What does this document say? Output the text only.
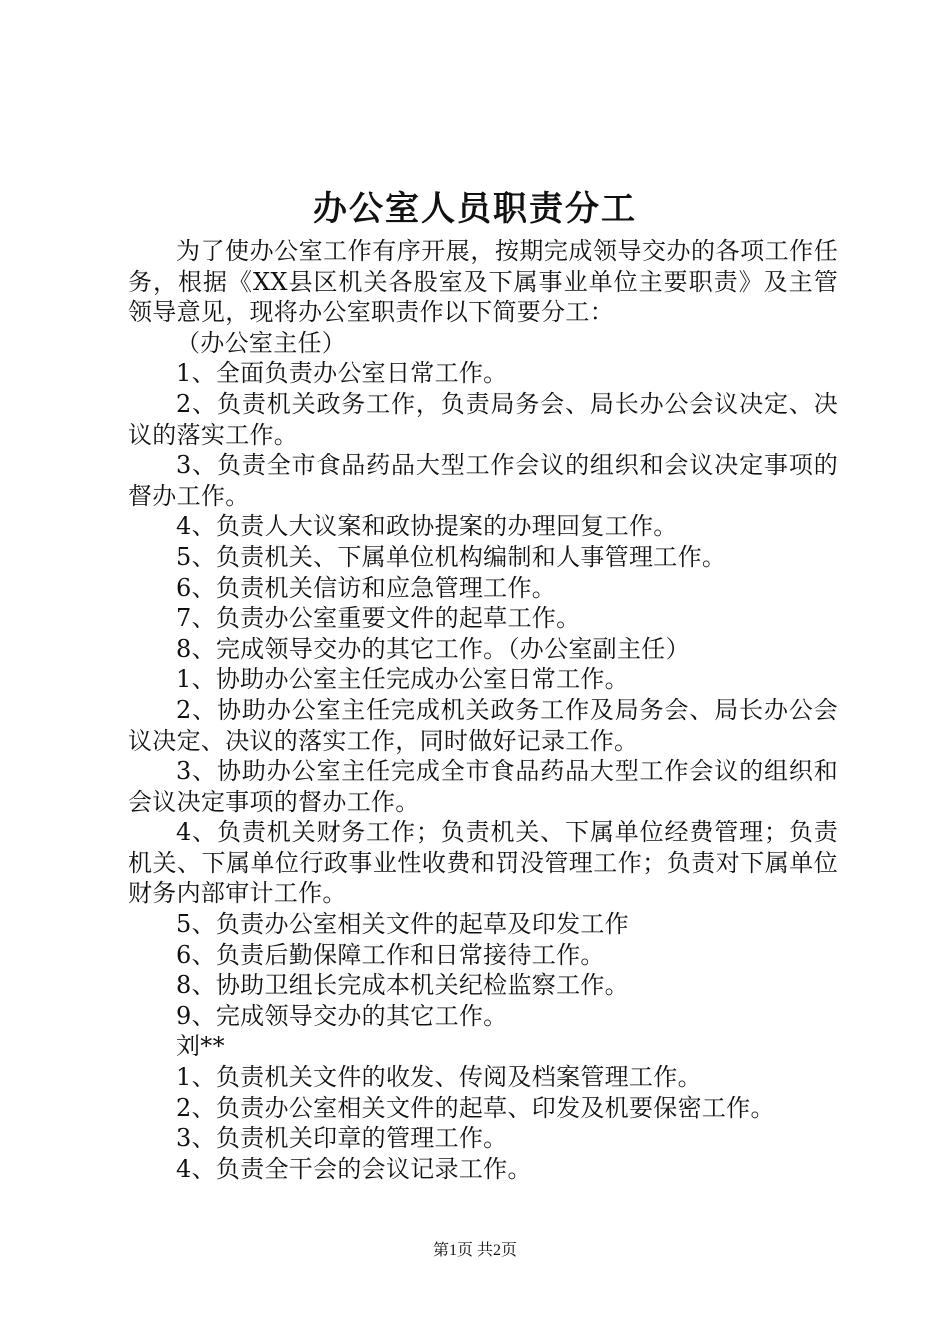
办公室人员职责分工

为了使办公室工作有序开展，按期完成领导交办的各项工作任务，根据《XX县区机关各股室及下属事业单位主要职责》及主管领导意见，现将办公室职责作以下简要分工：

（办公室主任）

1、全面负责办公室日常工作。

2、负责机关政务工作，负责局务会、局长办公会议决定、决议的落实工作。

3、负责全市食品药品大型工作会议的组织和会议决定事项的督办工作。

4、负责人大议案和政协提案的办理回复工作。

5、负责机关、下属单位机构编制和人事管理工作。

6、负责机关信访和应急管理工作。

7、负责办公室重要文件的起草工作。

8、完成领导交办的其它工作。（办公室副主任）

1、协助办公室主任完成办公室日常工作。

2、协助办公室主任完成机关政务工作及局务会、局长办公会议决定、决议的落实工作，同时做好记录工作。

3、协助办公室主任完成全市食品药品大型工作会议的组织和会议决定事项的督办工作。

4、负责机关财务工作；负责机关、下属单位经费管理；负责机关、下属单位行政事业性收费和罚没管理工作；负责对下属单位财务内部审计工作。

5、负责办公室相关文件的起草及印发工作

6、负责后勤保障工作和日常接待工作。

8、协助卫组长完成本机关纪检监察工作。

9、完成领导交办的其它工作。

刘**

1、负责机关文件的收发、传阅及档案管理工作。

2、负责办公室相关文件的起草、印发及机要保密工作。

3、负责机关印章的管理工作。

4、负责全干会的会议记录工作。

第1页 共2页
